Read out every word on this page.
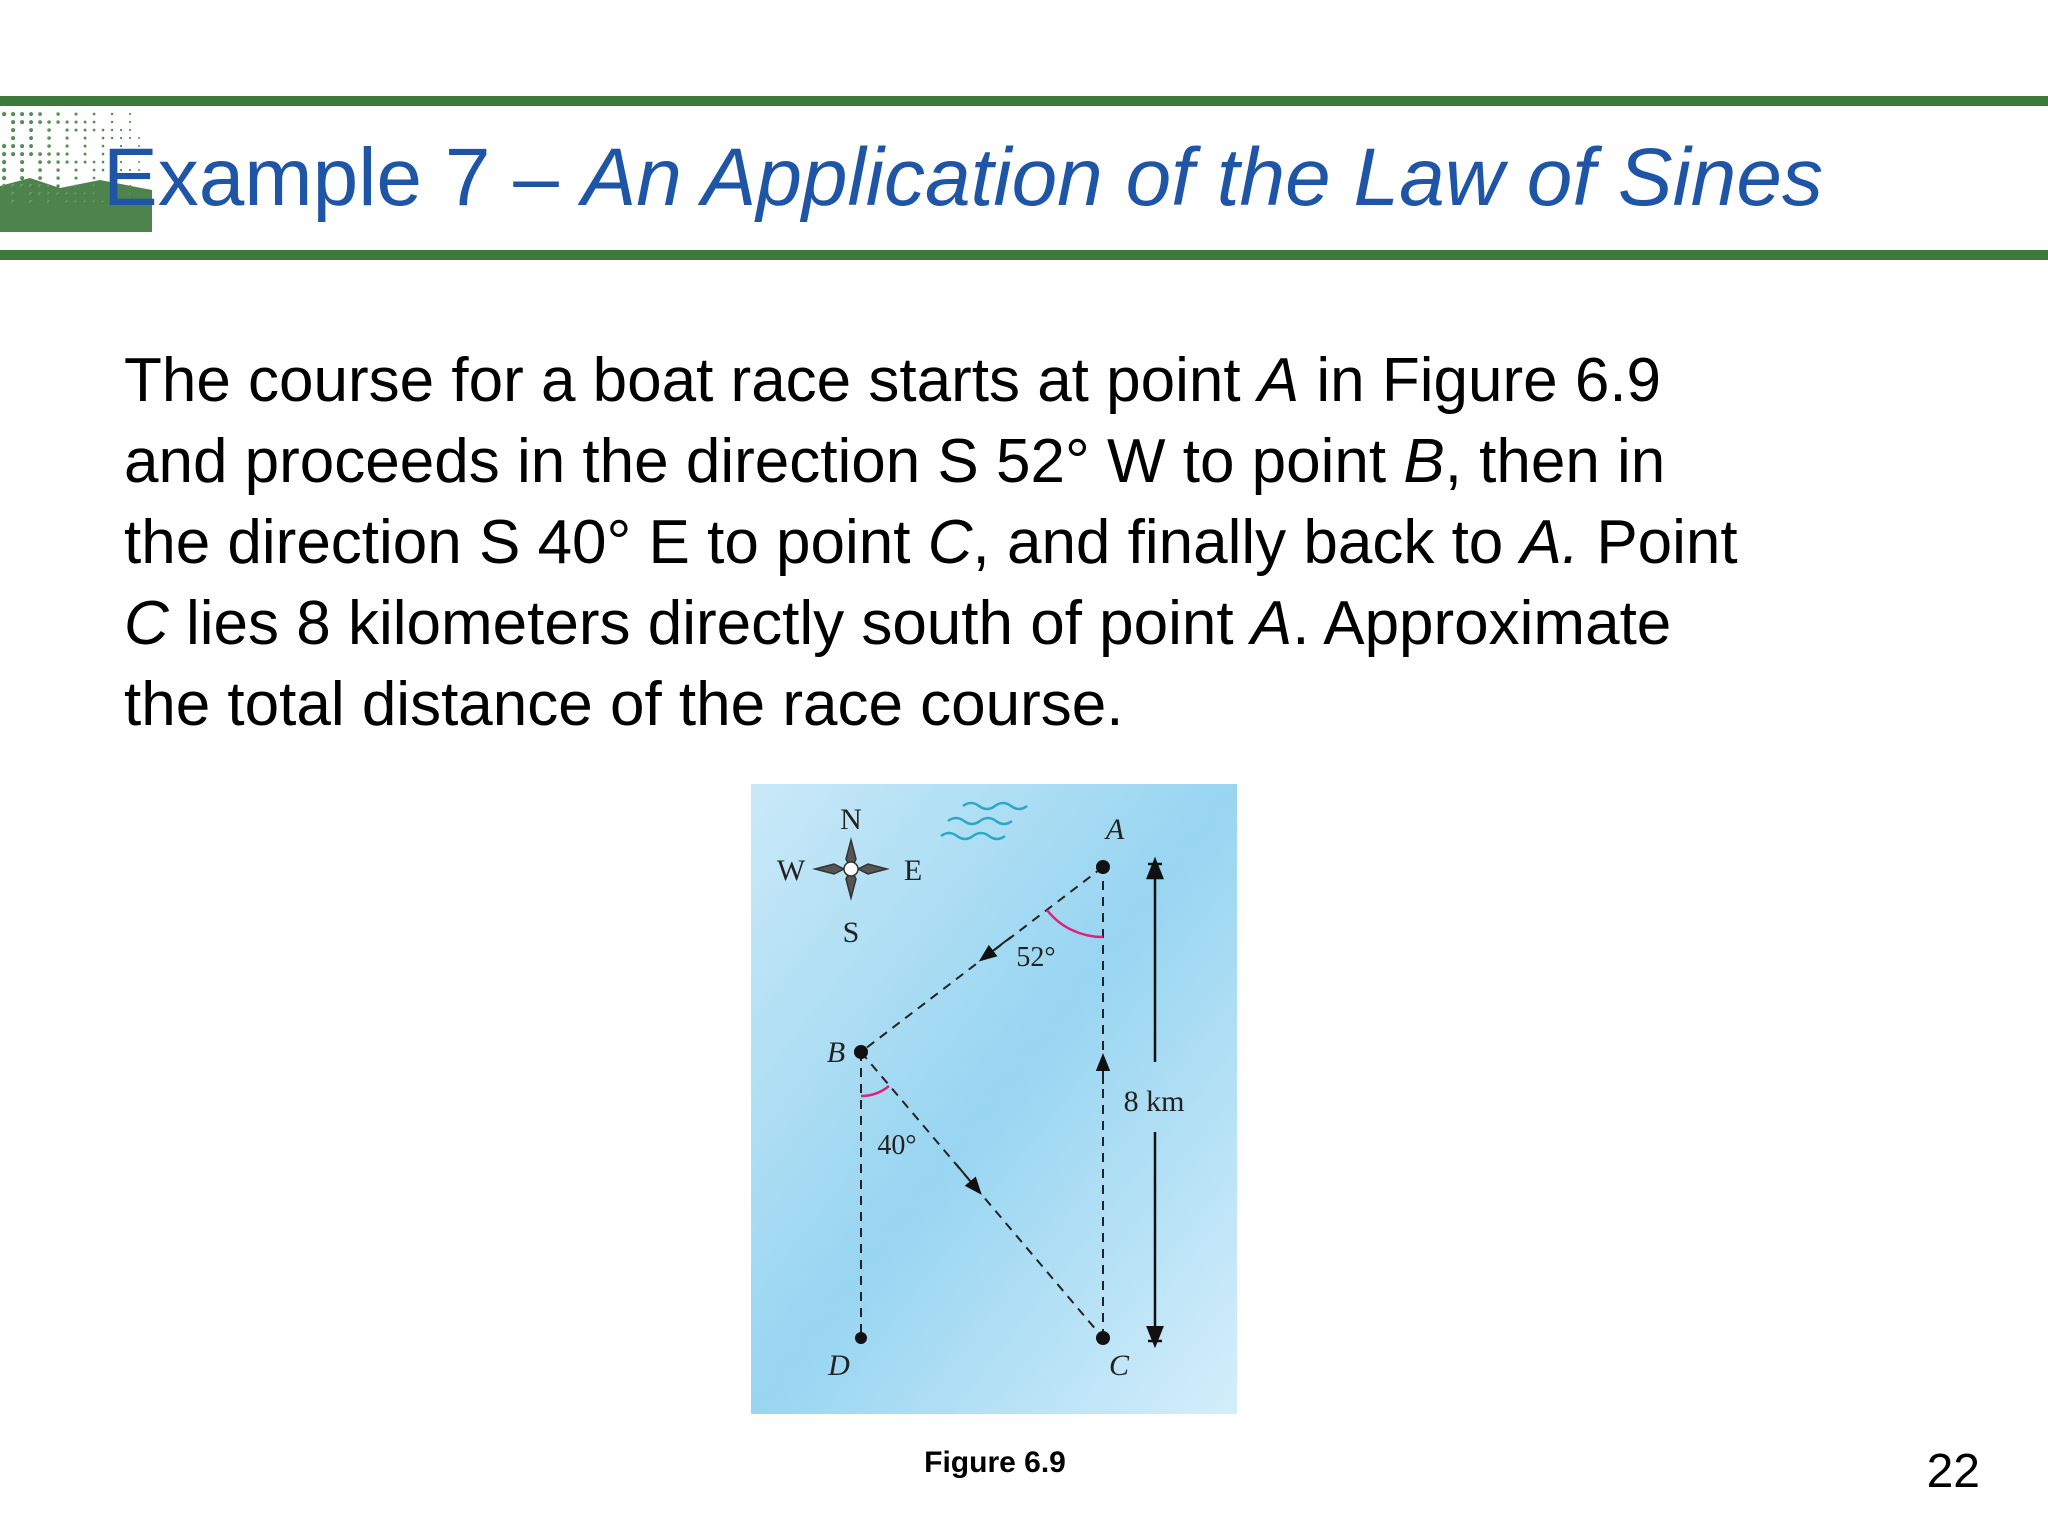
Example 7 – An Application of the Law of Sines

The course for a boat race starts at point A in Figure 6.9
and proceeds in the direction S 52° W to point B, then in
the direction S 40° E to point C, and finally back to A. Point
C lies 8 kilometers directly south of point A. Approximate
the total distance of the race course.

N
S
W	E
52°
40°
8 km
A
B
C
D
Figure 6.9	22
